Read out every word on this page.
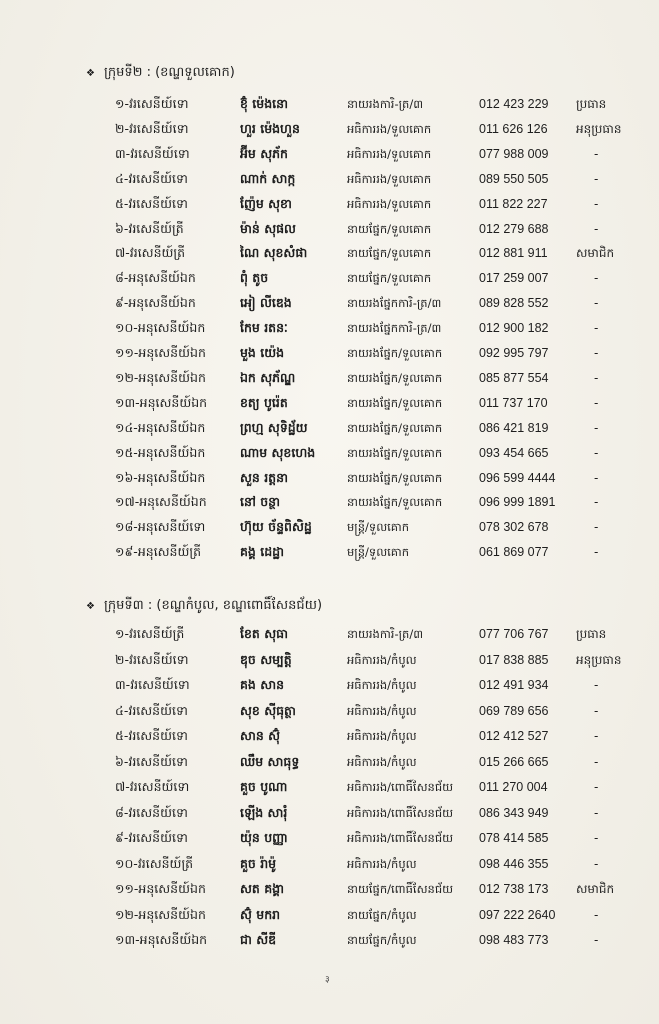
❖ ក្រុមទី២ : (ខណ្ឌទួលគោក)
១-វរសេនីយ៍ទោ	ខ៊ុំ ម៉េងនោ	នាយរងការិ-ត្រ/៣	012 423 229	ប្រធាន
២-វរសេនីយ៍ទោ	ហួរ ម៉េងហួន	អធិការរង/ទួលគោក	011 626 126	អនុប្រធាន
៣-វរសេនីយ៍ទោ	អ៊ីម សុភ័ក	អធិការរង/ទួលគោក	077 988 009	-
៤-វរសេនីយ៍ទោ	ណាក់ សាក្ក	អធិការរង/ទួលគោក	089 550 505	-
៥-វរសេនីយ៍ទោ	ញ៉ែម សុខា	អធិការរង/ទួលគោក	011 822 227	-
៦-វរសេនីយ៍ត្រី	ម៉ាន់ សុផល	នាយផ្នែក/ទួលគោក	012 279 688	-
៧-វរសេនីយ៍ត្រី	ណៃ សុខសំផា	នាយផ្នែក/ទួលគោក	012 881 911	សមាជិក
៨-អនុសេនីយ៍ឯក	ពុំ តូច	នាយផ្នែក/ទួលគោក	017 259 007	-
៩-អនុសេនីយ៍ឯក	អៀ លីឌេង	នាយរងផ្នែកការិ-ត្រ/៣	089 828 552	-
១០-អនុសេនីយ៍ឯក	កែម រតនៈ	នាយរងផ្នែកការិ-ត្រ/៣	012 900 182	-
១១-អនុសេនីយ៍ឯក	មួង យ៉េង	នាយរងផ្នែក/ទួលគោក	092 995 797	-
១២-អនុសេនីយ៍ឯក	ឯក សុភ័ណ្ឌ	នាយរងផ្នែក/ទួលគោក	085 877 554	-
១៣-អនុសេនីយ៍ឯក	ខត្យ បូរ៉េត	នាយរងផ្នែក/ទួលគោក	011 737 170	-
១៤-អនុសេនីយ៍ឯក	ព្រហ្ម សុទិដ្ឋ័យ	នាយរងផ្នែក/ទួលគោក	086 421 819	-
១៥-អនុសេនីយ៍ឯក	ណាម សុខហេង	នាយរងផ្នែក/ទួលគោក	093 454 665	-
១៦-អនុសេនីយ៍ឯក	សួន រត្តនា	នាយរងផ្នែក/ទួលគោក	096 599 4444	-
១៧-អនុសេនីយ៍ឯក	នៅ ចន្ថា	នាយរងផ្នែក/ទួលគោក	096 999 1891	-
១៨-អនុសេនីយ៍ទោ	ហ៊ុយ ច័ន្ទពិសិដ្ឋ	មន្ត្រី/ទួលគោក	078 302 678	-
១៩-អនុសេនីយ៍ត្រី	គង្គ ដេដ្ឋា	មន្ត្រី/ទួលគោក	061 869 077	-
❖ ក្រុមទី៣ : (ខណ្ឌកំបូល, ខណ្ឌពោធិ៍សែនជ័យ)
១-វរសេនីយ៍ត្រី	ខែត សុធា	នាយរងការិ-ត្រ/៣	077 706 767	ប្រធាន
២-វរសេនីយ៍ទោ	ឌុច សម្បត្តិ	អធិការរង/កំបូល	017 838 885	អនុប្រធាន
៣-វរសេនីយ៍ទោ	គង សាន	អធិការរង/កំបូល	012 491 934	-
៤-វរសេនីយ៍ទោ	សុខ ស៊ីធុត្ថា	អធិការរង/កំបូល	069 789 656	-
៥-វរសេនីយ៍ទោ	សាន ស៊ុំ	អធិការរង/កំបូល	012 412 527	-
៦-វរសេនីយ៍ទោ	ឈឹម សាធុទ្ធ	អធិការរង/កំបូល	015 266 665	-
៧-វរសេនីយ៍ទោ	គួច បូណា	អធិការរង/ពោធិ៍សែនជ័យ	011 270 004	-
៨-វរសេនីយ៍ទោ	ឡើង សារុំ	អធិការរង/ពោធិ៍សែនជ័យ	086 343 949	-
៩-វរសេនីយ៍ទោ	យ៉ុន បញ្ញា	អធិការរង/ពោធិ៍សែនជ័យ	078 414 585	-
១០-វរសេនីយ៍ត្រី	គួច រ៉ាម៉ូ	អធិការរង/កំបូល	098 446 355	-
១១-អនុសេនីយ៍ឯក	សត គង្គា	នាយផ្នែក/ពោធិ៍សែនជ័យ	012 738 173	សមាជិក
១២-អនុសេនីយ៍ឯក	ស៊ុំ មករា	នាយផ្នែក/កំបូល	097 222 2640	-
១៣-អនុសេនីយ៍ឯក	ជា សីឌី	នាយផ្នែក/កំបូល	098 483 773	-
३
